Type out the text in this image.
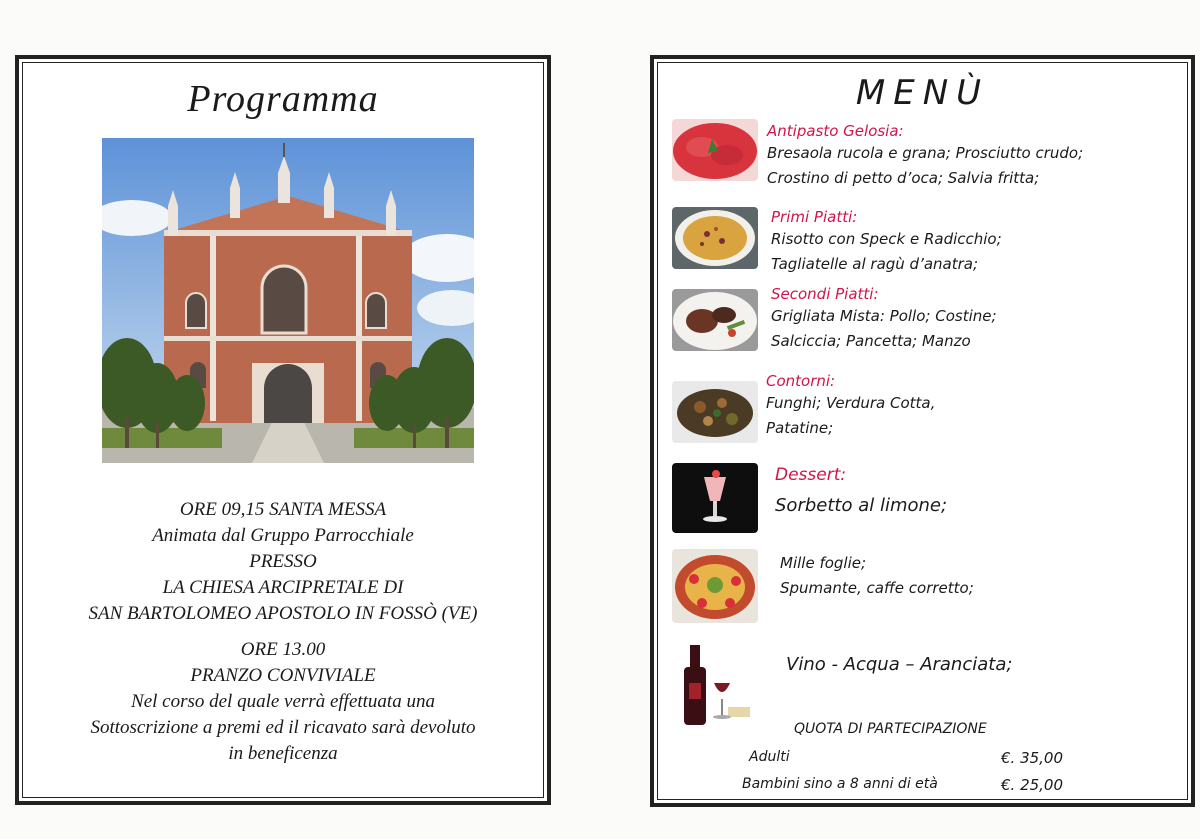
Programma
ORE 09,15 SANTA MESSA
Animata dal Gruppo Parrocchiale
PRESSO
LA CHIESA ARCIPRETALE DI
SAN BARTOLOMEO APOSTOLO IN FOSSÒ (VE)
ORE 13.00
PRANZO CONVIVIALE
Nel corso del quale verrà effettuata una
Sottoscrizione a premi ed il ricavato sarà devoluto
in beneficenza
MENÙ
Antipasto Gelosia:
Bresaola rucola e grana; Prosciutto crudo;
Crostino di petto d’oca; Salvia fritta;
Primi Piatti:
Risotto con Speck e Radicchio;
Tagliatelle al ragù d’anatra;
Secondi Piatti:
Grigliata Mista: Pollo; Costine;
Salciccia; Pancetta; Manzo
Contorni:
Funghi; Verdura Cotta,
Patatine;
Dessert:
Sorbetto al limone;
Mille foglie;
Spumante, caffe corretto;
Vino - Acqua – Aranciata;
QUOTA DI PARTECIPAZIONE
Adulti	€. 35,00
Bambini sino a 8 anni di età	€. 25,00
